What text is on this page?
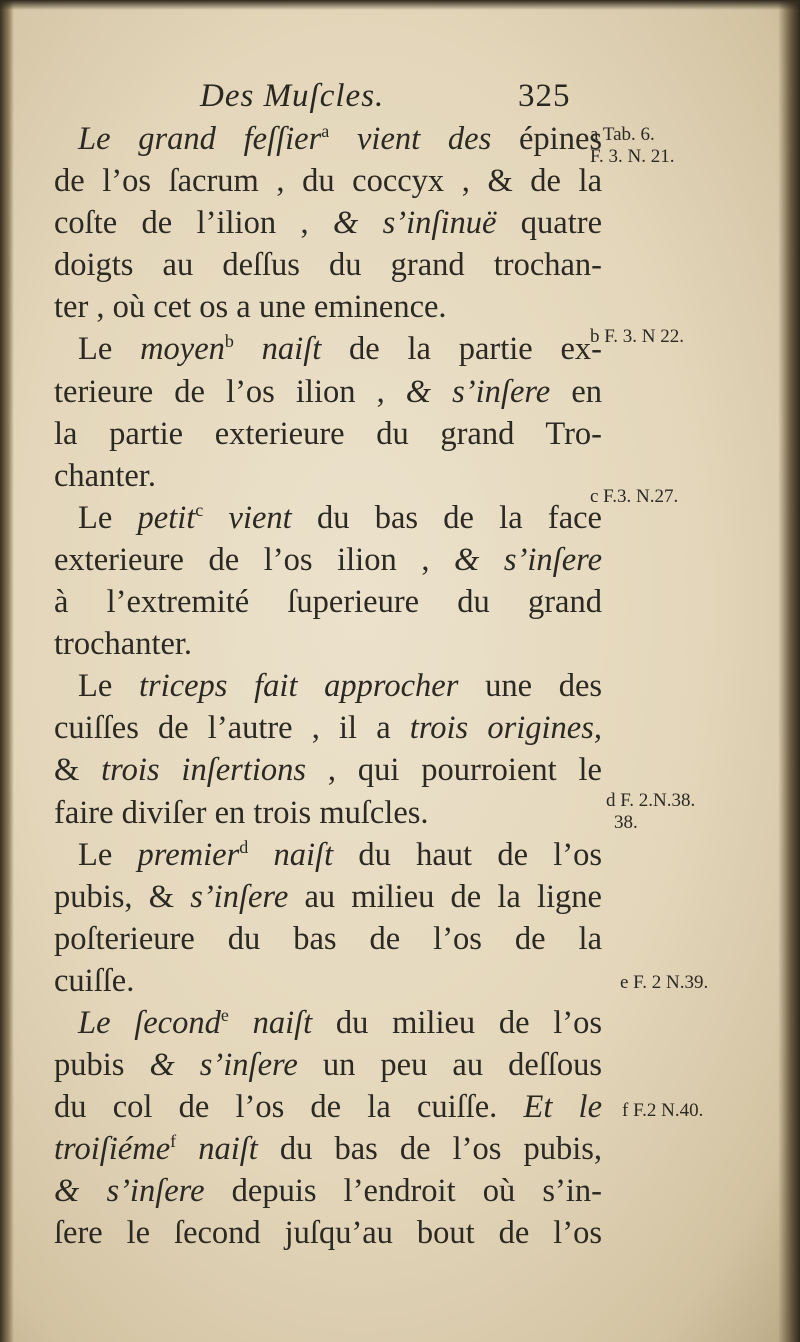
Des Muſcles.	325
Le grand feſſier$^a$ vient des épines
de l’os ſacrum , du coccyx , & de la
coſte de l’ilion , & s’inſinuë quatre
doigts au deſſus du grand trochan-
ter , où cet os a une eminence.
Le moyen$^b$ naiſt de la partie ex-
terieure de l’os ilion , & s’inſere en
la partie exterieure du grand Tro-
chanter.
Le petit$^c$ vient du bas de la face
exterieure de l’os ilion , & s’inſere
à l’extremité ſuperieure du grand
trochanter.
Le triceps fait approcher une des
cuiſſes de l’autre , il a trois origines,
& trois inſertions , qui pourroient le
faire diviſer en trois muſcles.
Le premier$^d$ naiſt du haut de l’os
pubis, & s’inſere au milieu de la ligne
poſterieure du bas de l’os de la
cuiſſe.
Le ſecond$^e$ naiſt du milieu de l’os
pubis & s’inſere un peu au deſſous
du col de l’os de la cuiſſe. Et le
troiſiéme$^f$ naiſt du bas de l’os pubis,
& s’inſere depuis l’endroit où s’in-
ſere le ſecond juſqu’au bout de l’os
a Tab. 6.
F. 3. N. 21.
b F. 3. N 22.
c F.3. N.27.
d F. 2.N.38.
38.
e F. 2 N.39.
f F.2 N.40.
